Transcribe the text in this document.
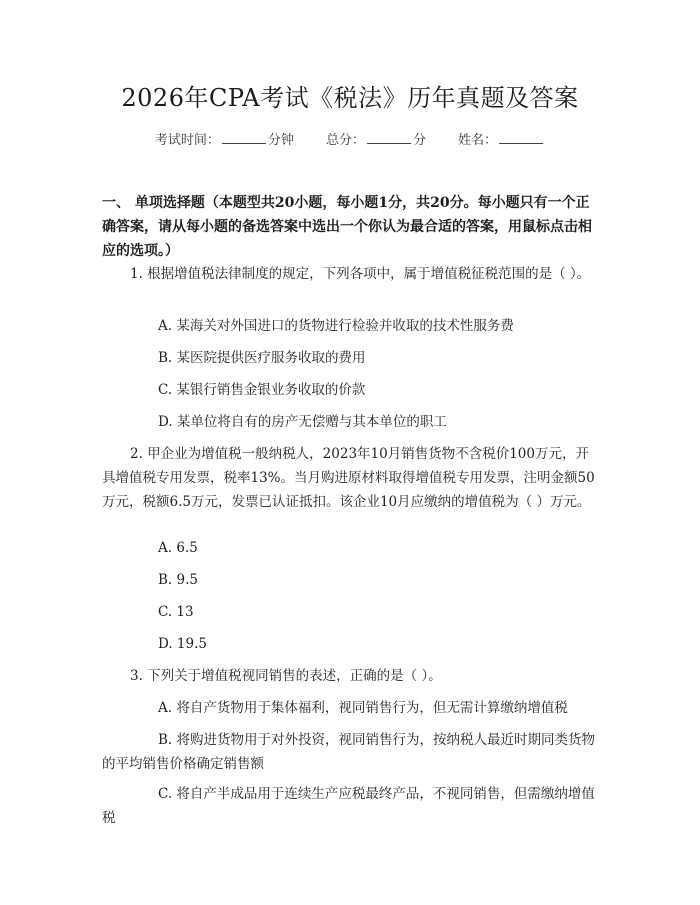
2026年CPA考试《税法》历年真题及答案
考试时间：	分钟 总分：	分 姓名：
一、 单项选择题（本题型共20小题，每小题1分，共20分。每小题只有一个正确答案，请从每小题的备选答案中选出一个你认为最合适的答案，用鼠标点击相应的选项。）
1. 根据增值税法律制度的规定，下列各项中，属于增值税征税范围的是（ ）。
A. 某海关对外国进口的货物进行检验并收取的技术性服务费
B. 某医院提供医疗服务收取的费用
C. 某银行销售金银业务收取的价款
D. 某单位将自有的房产无偿赠与其本单位的职工
2. 甲企业为增值税一般纳税人，2023年10月销售货物不含税价100万元，开具增值税专用发票，税率13%。当月购进原材料取得增值税专用发票，注明金额50万元，税额6.5万元，发票已认证抵扣。该企业10月应缴纳的增值税为（ ）万元。
A. 6.5
B. 9.5
C. 13
D. 19.5
3. 下列关于增值税视同销售的表述，正确的是（ ）。
A. 将自产货物用于集体福利，视同销售行为，但无需计算缴纳增值税
B. 将购进货物用于对外投资，视同销售行为，按纳税人最近时期同类货物的平均销售价格确定销售额
C. 将自产半成品用于连续生产应税最终产品，不视同销售，但需缴纳增值税
